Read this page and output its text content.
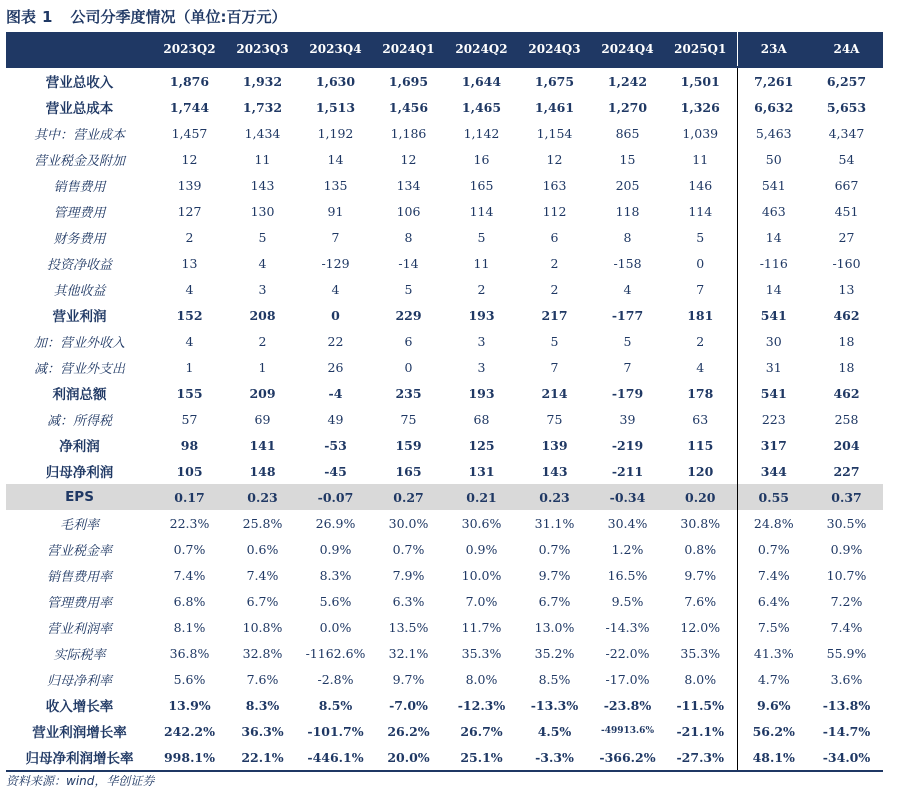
图表 1 公司分季度情况（单位:百万元）
	2023Q2	2023Q3	2023Q4	2024Q1	2024Q2	2024Q3	2024Q4	2025Q1	23A	24A
营业总收入	1,876	1,932	1,630	1,695	1,644	1,675	1,242	1,501	7,261	6,257
营业总成本	1,744	1,732	1,513	1,456	1,465	1,461	1,270	1,326	6,632	5,653
其中：营业成本	1,457	1,434	1,192	1,186	1,142	1,154	865	1,039	5,463	4,347
营业税金及附加	12	11	14	12	16	12	15	11	50	54
销售费用	139	143	135	134	165	163	205	146	541	667
管理费用	127	130	91	106	114	112	118	114	463	451
财务费用	2	5	7	8	5	6	8	5	14	27
投资净收益	13	4	-129	-14	11	2	-158	0	-116	-160
其他收益	4	3	4	5	2	2	4	7	14	13
营业利润	152	208	0	229	193	217	-177	181	541	462
加：营业外收入	4	2	22	6	3	5	5	2	30	18
减：营业外支出	1	1	26	0	3	7	7	4	31	18
利润总额	155	209	-4	235	193	214	-179	178	541	462
减：所得税	57	69	49	75	68	75	39	63	223	258
净利润	98	141	-53	159	125	139	-219	115	317	204
归母净利润	105	148	-45	165	131	143	-211	120	344	227
EPS	0.17	0.23	-0.07	0.27	0.21	0.23	-0.34	0.20	0.55	0.37
毛利率	22.3%	25.8%	26.9%	30.0%	30.6%	31.1%	30.4%	30.8%	24.8%	30.5%
营业税金率	0.7%	0.6%	0.9%	0.7%	0.9%	0.7%	1.2%	0.8%	0.7%	0.9%
销售费用率	7.4%	7.4%	8.3%	7.9%	10.0%	9.7%	16.5%	9.7%	7.4%	10.7%
管理费用率	6.8%	6.7%	5.6%	6.3%	7.0%	6.7%	9.5%	7.6%	6.4%	7.2%
营业利润率	8.1%	10.8%	0.0%	13.5%	11.7%	13.0%	-14.3%	12.0%	7.5%	7.4%
实际税率	36.8%	32.8%	-1162.6%	32.1%	35.3%	35.2%	-22.0%	35.3%	41.3%	55.9%
归母净利率	5.6%	7.6%	-2.8%	9.7%	8.0%	8.5%	-17.0%	8.0%	4.7%	3.6%
收入增长率	13.9%	8.3%	8.5%	-7.0%	-12.3%	-13.3%	-23.8%	-11.5%	9.6%	-13.8%
营业利润增长率	242.2%	36.3%	-101.7%	26.2%	26.7%	4.5%	-49913.6%	-21.1%	56.2%	-14.7%
归母净利润增长率	998.1%	22.1%	-446.1%	20.0%	25.1%	-3.3%	-366.2%	-27.3%	48.1%	-34.0%
资料来源：wind，华创证券
